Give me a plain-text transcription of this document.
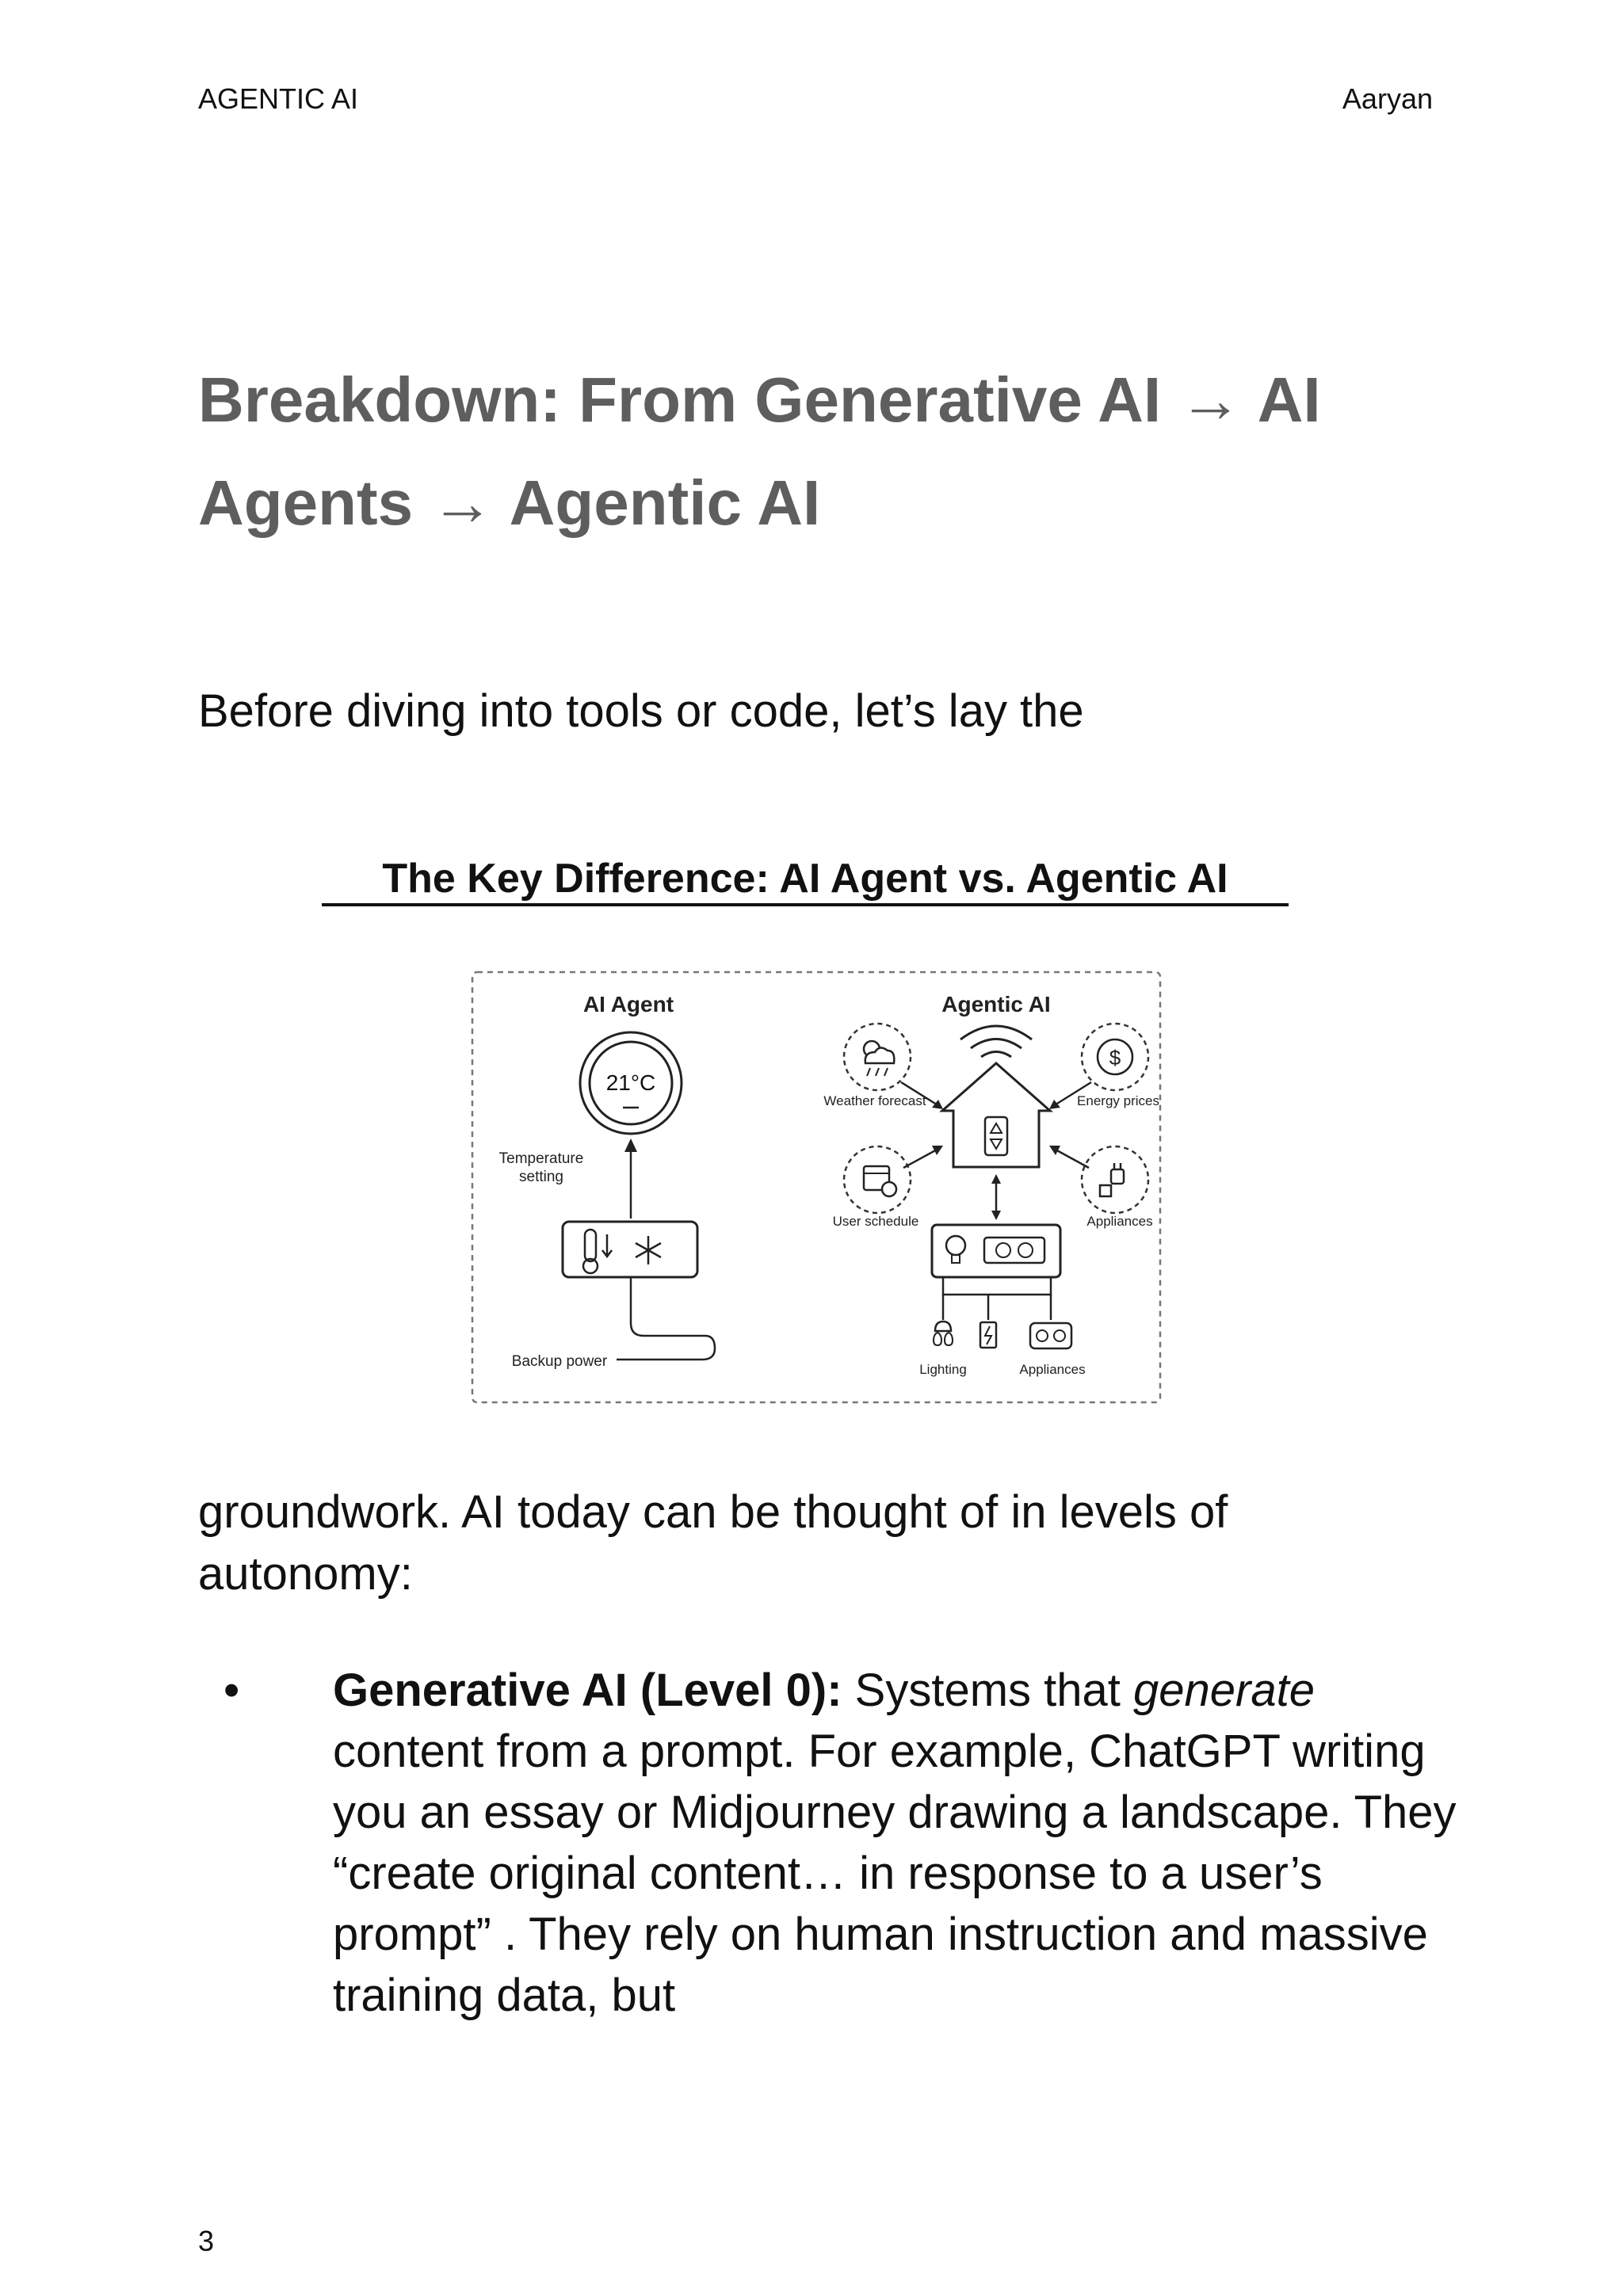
AGENTIC AI	Aaryan
Breakdown: From Generative AI → AI
Agents → Agentic AI
Before diving into tools or code, let’s lay the
The Key Difference: AI Agent vs. Agentic AI
AI Agent
21°C
Temperature
setting
Backup power
Agentic AI
Weather forecast
$
Energy prices
User schedule	Appliances
Lighting	Appliances
groundwork. AI today can be thought of in levels of autonomy:
• Generative AI (Level 0): Systems that generate content from a prompt. For example, ChatGPT writing you an essay or Midjourney drawing a landscape. They “create original content… in response to a user’s prompt” . They rely on human instruction and massive training data, but
3
